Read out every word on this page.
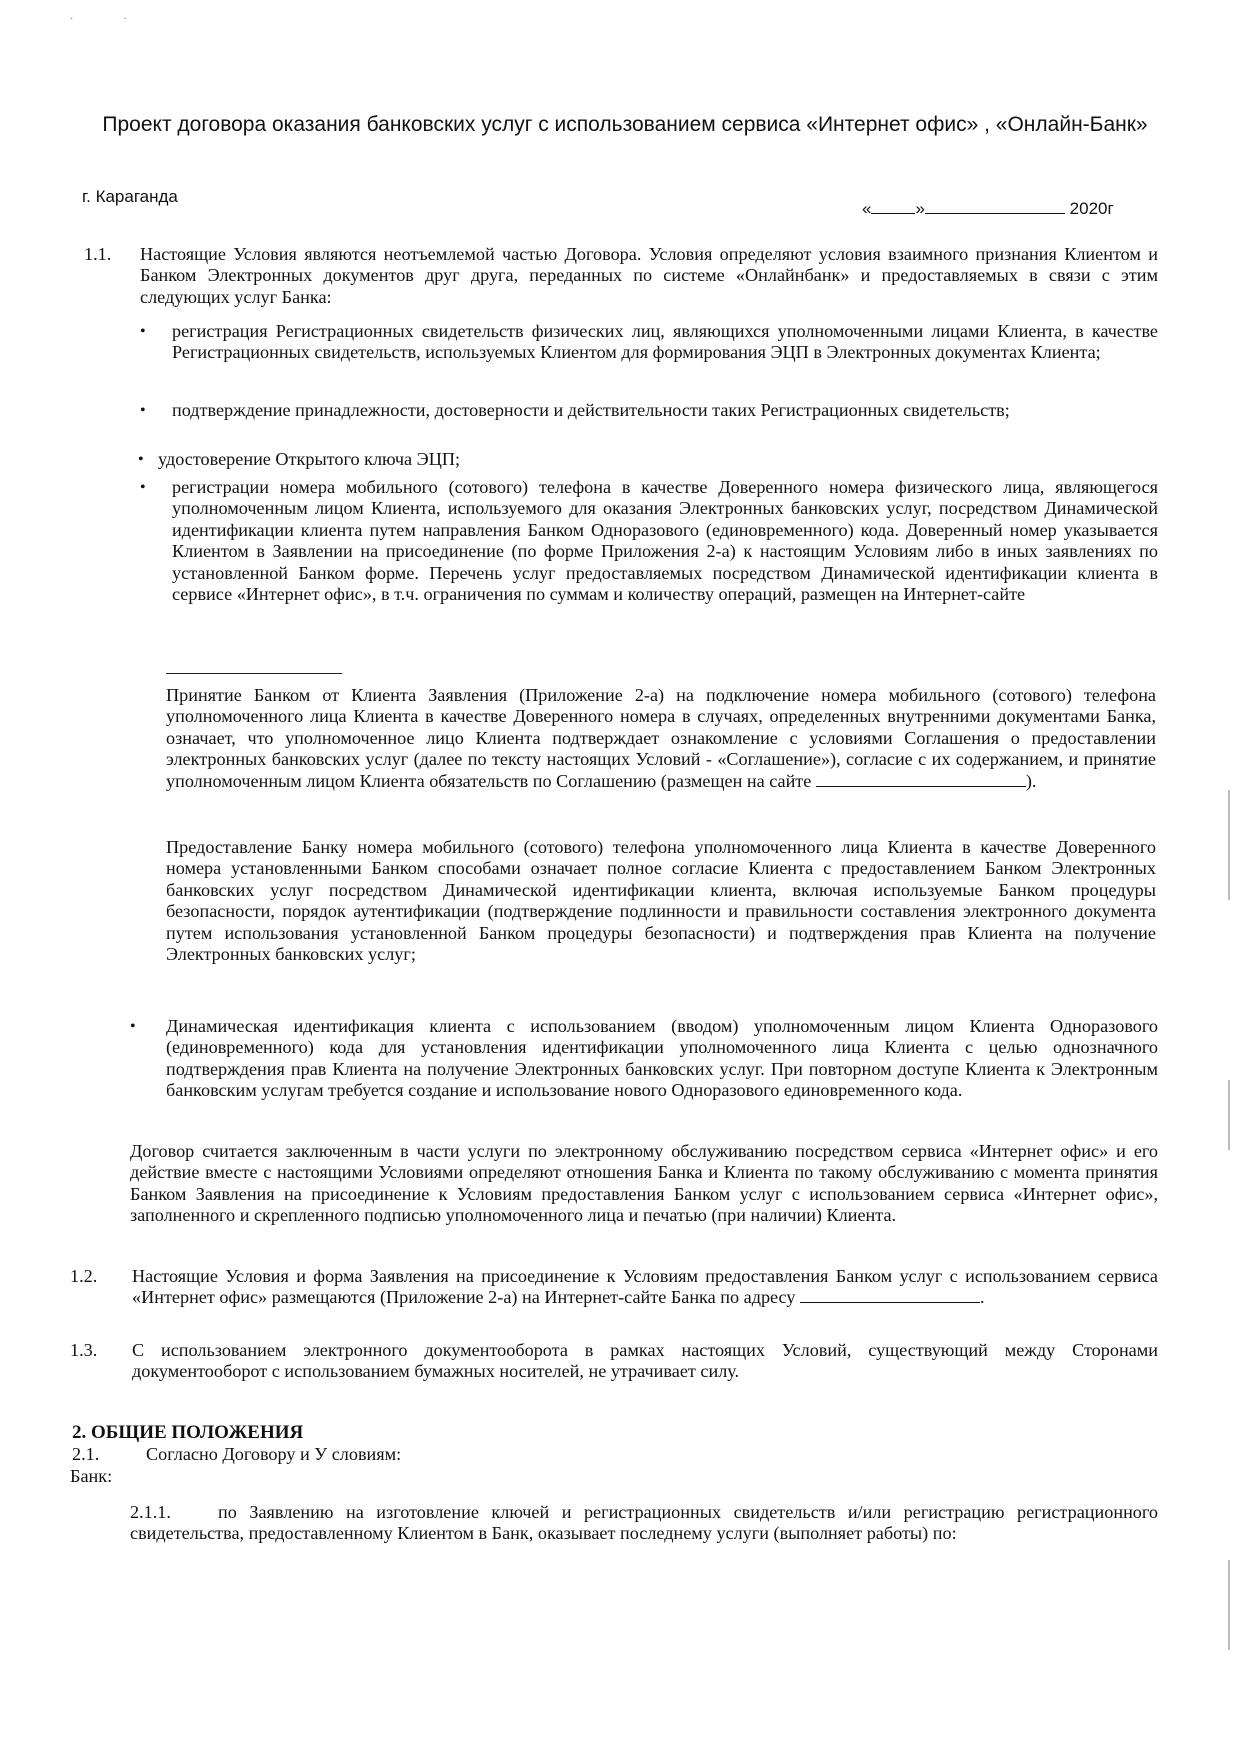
·                    ·
Проект договора оказания банковских услуг с использованием сервиса «Интернет офис» , «Онлайн-Банк»
г. Караганда
«	»	2020г
1.1. Настоящие Условия являются неотъемлемой частью Договора. Условия определяют условия взаимного признания Клиентом и Банком Электронных документов друг друга, переданных по системе «Онлайнбанк» и предоставляемых в связи с этим следующих услуг Банка:
• регистрация Регистрационных свидетельств физических лиц, являющихся уполномоченными лицами Клиента, в качестве Регистрационных свидетельств, используемых Клиентом для формирования ЭЦП в Электронных документах Клиента;
• подтверждение принадлежности, достоверности и действительности таких Регистрационных свидетельств;
• удостоверение Открытого ключа ЭЦП;
• регистрации номера мобильного (сотового) телефона в качестве Доверенного номера физического лица, являющегося уполномоченным лицом Клиента, используемого для оказания Электронных банковских услуг, посредством Динамической идентификации клиента путем направления Банком Одноразового (единовременного) кода. Доверенный номер указывается Клиентом в Заявлении на присоединение (по форме Приложения 2-а) к настоящим Условиям либо в иных заявлениях по установленной Банком форме. Перечень услуг предоставляемых посредством Динамической идентификации клиента в сервисе «Интернет офис», в т.ч. ограничения по суммам и количеству операций, размещен на Интернет-сайте
Принятие Банком от Клиента Заявления (Приложение 2-а) на подключение номера мобильного (сотового) телефона уполномоченного лица Клиента в качестве Доверенного номера в случаях, определенных внутренними документами Банка, означает, что уполномоченное лицо Клиента подтверждает ознакомление с условиями Соглашения о предоставлении электронных банковских услуг (далее по тексту настоящих Условий - «Соглашение»), согласие с их содержанием, и принятие уполномоченным лицом Клиента обязательств по Соглашению (размещен на сайте	).
Предоставление Банку номера мобильного (сотового) телефона уполномоченного лица Клиента в качестве Доверенного номера установленными Банком способами означает полное согласие Клиента с предоставлением Банком Электронных банковских услуг посредством Динамической идентификации клиента, включая используемые Банком процедуры безопасности, порядок аутентификации (подтверждение подлинности и правильности составления электронного документа путем использования установленной Банком процедуры безопасности) и подтверждения прав Клиента на получение Электронных банковских услуг;
• Динамическая идентификация клиента с использованием (вводом) уполномоченным лицом Клиента Одноразового (единовременного) кода для установления идентификации уполномоченного лица Клиента с целью однозначного подтверждения прав Клиента на получение Электронных банковских услуг. При повторном доступе Клиента к Электронным банковским услугам требуется создание и использование нового Одноразового единовременного кода.
Договор считается заключенным в части услуги по электронному обслуживанию посредством сервиса «Интернет офис» и его действие вместе с настоящими Условиями определяют отношения Банка и Клиента по такому обслуживанию с момента принятия Банком Заявления на присоединение к Условиям предоставления Банком услуг с использованием сервиса «Интернет офис», заполненного и скрепленного подписью уполномоченного лица и печатью (при наличии) Клиента.
1.2. Настоящие Условия и форма Заявления на присоединение к Условиям предоставления Банком услуг с использованием сервиса «Интернет офис» размещаются (Приложение 2-а) на Интернет-сайте Банка по адресу	.
1.3. С использованием электронного документооборота в рамках настоящих Условий, существующий между Сторонами документооборот с использованием бумажных носителей, не утрачивает силу.
2. ОБЩИЕ ПОЛОЖЕНИЯ
2.1.	Согласно Договору и У словиям:
Банк:
2.1.1.	по Заявлению на изготовление ключей и регистрационных свидетельств и/или регистрацию регистрационного свидетельства, предоставленному Клиентом в Банк, оказывает последнему услуги (выполняет работы) по:
